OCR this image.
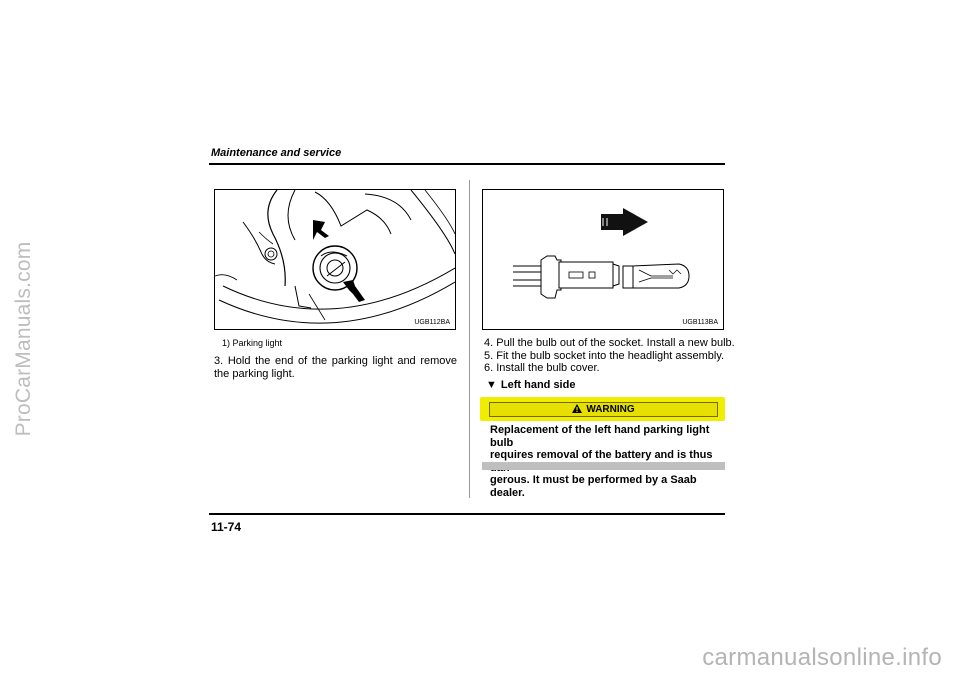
ProCarManuals.com
carmanualsonline.info
Maintenance and service
UGB112BA
1) Parking light
3. Hold the end of the parking light and remove the parking light.
UGB113BA
4. Pull the bulb out of the socket. Install a new bulb.
5. Fit the bulb socket into the headlight assembly.
6. Install the bulb cover.
▼ Left hand side
WARNING
Replacement of the left hand parking light bulb
requires removal of the battery and is thus
gerous. It must be performed by a Saab dealer.
11-74
